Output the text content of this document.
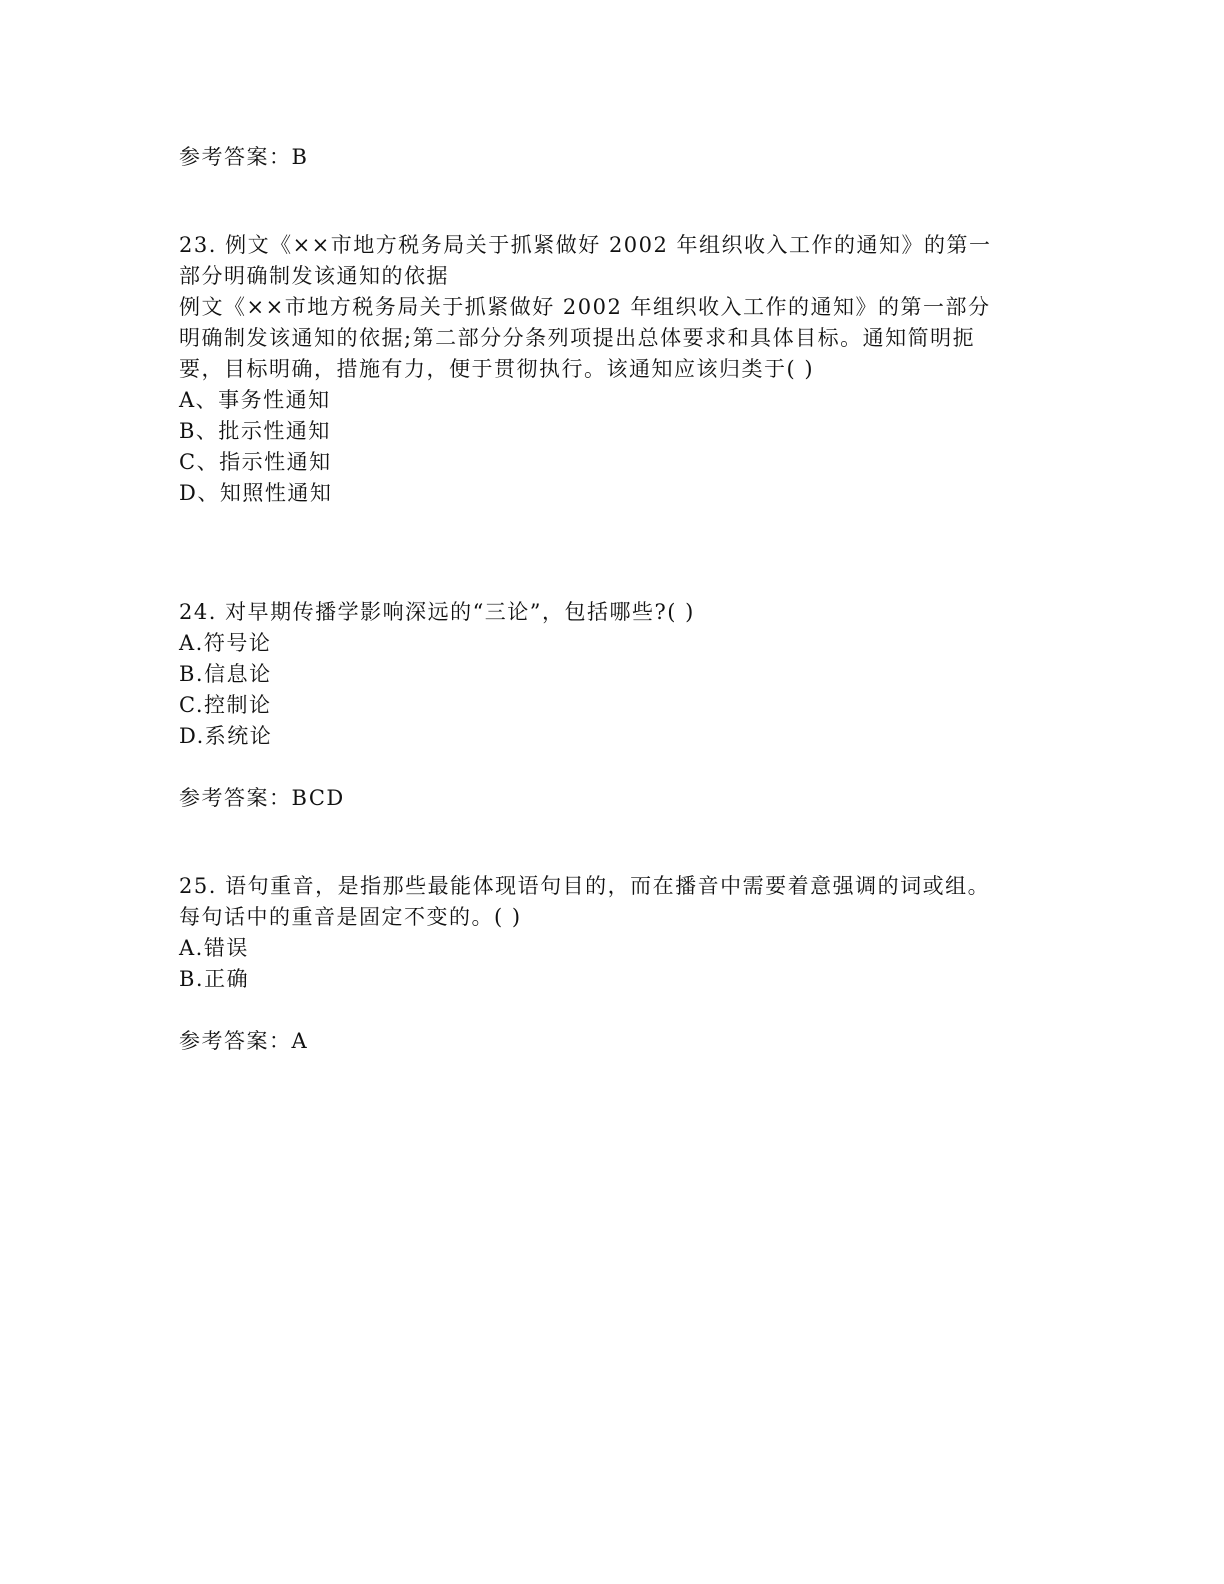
参考答案：B
23. 例文《××市地方税务局关于抓紧做好 2002 年组织收入工作的通知》的第一
部分明确制发该通知的依据
例文《××市地方税务局关于抓紧做好 2002 年组织收入工作的通知》的第一部分
明确制发该通知的依据;第二部分分条列项提出总体要求和具体目标。通知简明扼
要，目标明确，措施有力，便于贯彻执行。该通知应该归类于( )
A、事务性通知
B、批示性通知
C、指示性通知
D、知照性通知
24. 对早期传播学影响深远的“三论”，包括哪些?( )
A.符号论
B.信息论
C.控制论
D.系统论
参考答案：BCD
25. 语句重音，是指那些最能体现语句目的，而在播音中需要着意强调的词或组。
每句话中的重音是固定不变的。( )
A.错误
B.正确
参考答案：A
